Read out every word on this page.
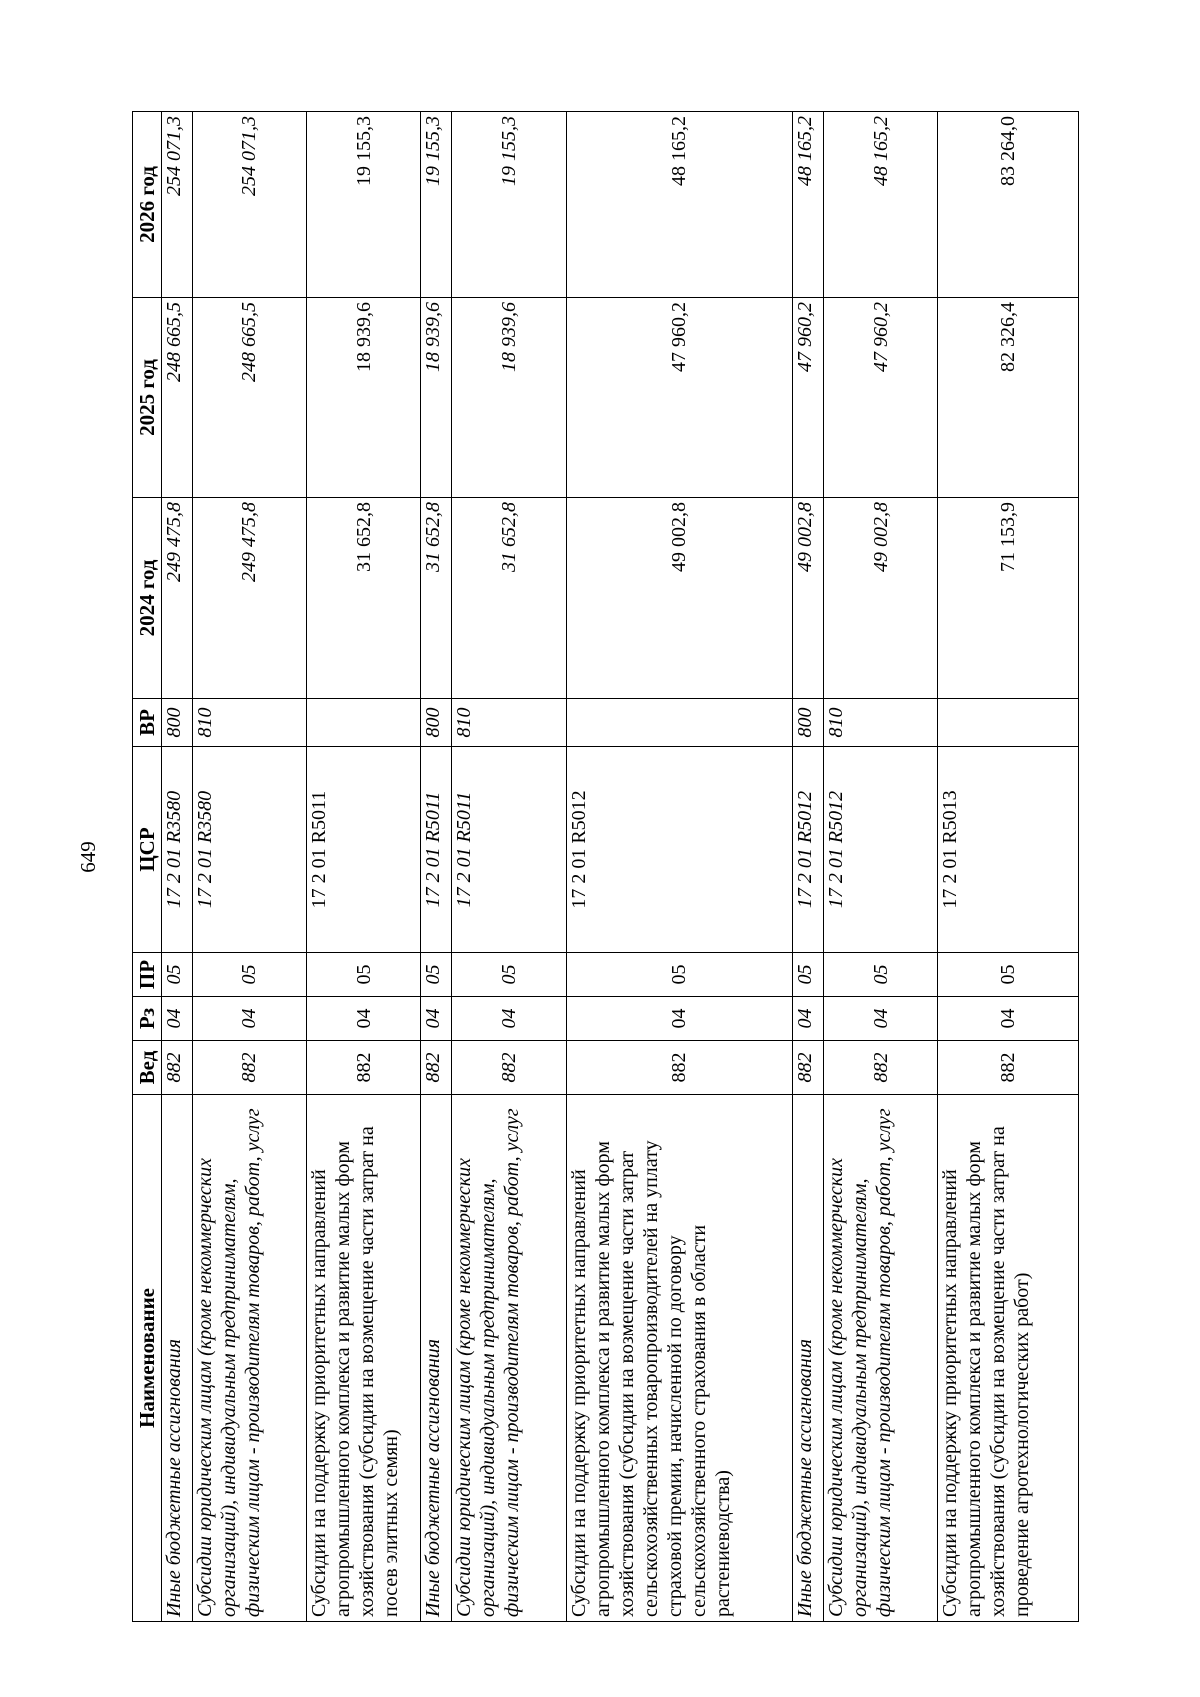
649
Наименование	Вед	Рз	ПР	ЦСР	ВР	2024 год	2025 год	2026 год
Иные бюджетные ассигнования	882	04	05	17 2 01 R3580	800	249 475,8	248 665,5	254 071,3
Субсидии юридическим лицам (кроме некоммерческих организаций), индивидуальным предпринимателям, физическим лицам - производителям товаров, работ, услуг	882	04	05	17 2 01 R3580	810	249 475,8	248 665,5	254 071,3
Субсидии на поддержку приоритетных направлений агропромышленного комплекса и развитие малых форм хозяйствования (субсидии на возмещение части затрат на посев элитных семян)	882	04	05	17 2 01 R5011		31 652,8	18 939,6	19 155,3
Иные бюджетные ассигнования	882	04	05	17 2 01 R5011	800	31 652,8	18 939,6	19 155,3
Субсидии юридическим лицам (кроме некоммерческих организаций), индивидуальным предпринимателям, физическим лицам - производителям товаров, работ, услуг	882	04	05	17 2 01 R5011	810	31 652,8	18 939,6	19 155,3
Субсидии на поддержку приоритетных направлений агропромышленного комплекса и развитие малых форм хозяйствования (субсидии на возмещение части затрат сельскохозяйственных товаропроизводителей на уплату страховой премии, начисленной по договору сельскохозяйственного страхования в области растениеводства)	882	04	05	17 2 01 R5012		49 002,8	47 960,2	48 165,2
Иные бюджетные ассигнования	882	04	05	17 2 01 R5012	800	49 002,8	47 960,2	48 165,2
Субсидии юридическим лицам (кроме некоммерческих организаций), индивидуальным предпринимателям, физическим лицам - производителям товаров, работ, услуг	882	04	05	17 2 01 R5012	810	49 002,8	47 960,2	48 165,2
Субсидии на поддержку приоритетных направлений агропромышленного комплекса и развитие малых форм хозяйствования (субсидии на возмещение части затрат на проведение агротехнологических работ)	882	04	05	17 2 01 R5013		71 153,9	82 326,4	83 264,0
